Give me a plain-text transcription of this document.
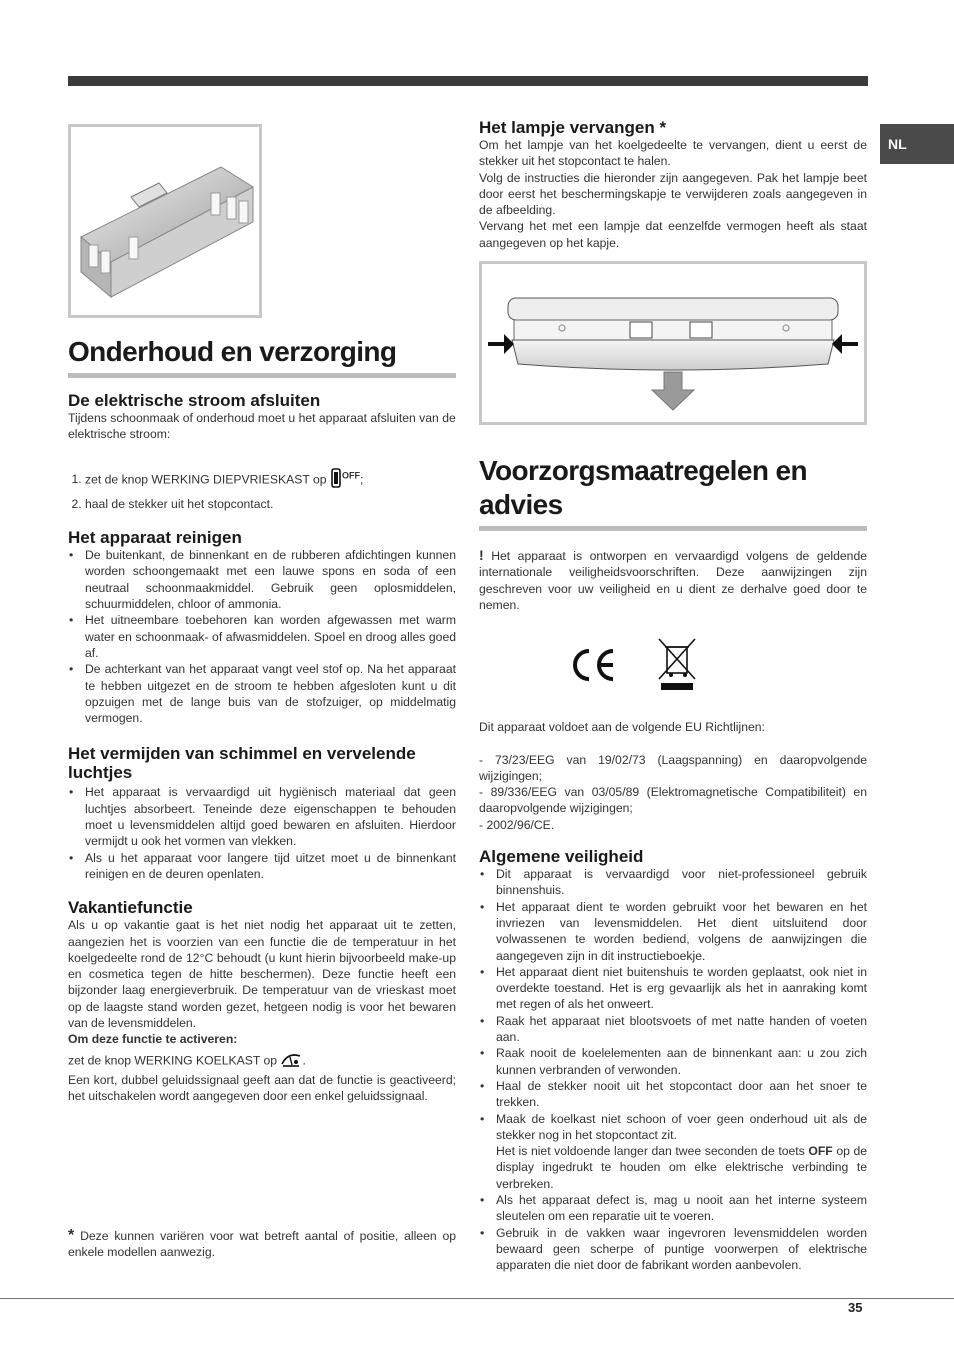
NL
Onderhoud en verzorging
De elektrische stroom afsluiten

Tijdens schoonmaak of onderhoud moet u het apparaat afsluiten van de elektrische stroom:

1. zet de knop WERKING DIEPVRIESKAST op $^{OFF}$;
2. haal de stekker uit het stopcontact.
Het apparaat reinigen
• De buitenkant, de binnenkant en de rubberen afdichtingen kunnen worden schoongemaakt met een lauwe spons en soda of een neutraal schoonmaakmiddel. Gebruik geen oplosmiddelen, schuurmiddelen, chloor of ammonia.
• Het uitneembare toebehoren kan worden afgewassen met warm water en schoonmaak- of afwasmiddelen. Spoel en droog alles goed af.
• De achterkant van het apparaat vangt veel stof op. Na het apparaat te hebben uitgezet en de stroom te hebben afgesloten kunt u dit opzuigen met de lange buis van de stofzuiger, op middelmatig vermogen.
Het vermijden van schimmel en vervelende luchtjes
• Het apparaat is vervaardigd uit hygiënisch materiaal dat geen luchtjes absorbeert. Teneinde deze eigenschappen te behouden moet u levensmiddelen altijd goed bewaren en afsluiten. Hierdoor vermijdt u ook het vormen van vlekken.
• Als u het apparaat voor langere tijd uitzet moet u de binnenkant reinigen en de deuren openlaten.
Vakantiefunctie

Als u op vakantie gaat is het niet nodig het apparaat uit te zetten, aangezien het is voorzien van een functie die de temperatuur in het koelgedeelte rond de 12°C behoudt (u kunt hierin bijvoorbeeld make-up en cosmetica tegen de hitte beschermen). Deze functie heeft een bijzonder laag energieverbruik. De temperatuur van de vrieskast moet op de laagste stand worden gezet, hetgeen nodig is voor het bewaren van de levensmiddelen.

Om deze functie te activeren:

zet de knop WERKING KOELKAST op .

Een kort, dubbel geluidssignaal geeft aan dat de functie is geactiveerd; het uitschakelen wordt aangegeven door een enkel geluidssignaal.

* Deze kunnen variëren voor wat betreft aantal of positie, alleen op enkele modellen aanwezig.

Het lampje vervangen *

Om het lampje van het koelgedeelte te vervangen, dient u eerst de stekker uit het stopcontact te halen.

Volg de instructies die hieronder zijn aangegeven. Pak het lampje beet door eerst het beschermingskapje te verwijderen zoals aangegeven in de afbeelding.

Vervang het met een lampje dat eenzelfde vermogen heeft als staat aangegeven op het kapje.

Voorzorgsmaatregelen en
advies

! Het apparaat is ontworpen en vervaardigd volgens de geldende internationale veiligheidsvoorschriften. Deze aanwijzingen zijn geschreven voor uw veiligheid en u dient ze derhalve goed door te nemen.

Dit apparaat voldoet aan de volgende EU Richtlijnen:

- 73/23/EEG van 19/02/73 (Laagspanning) en daaropvolgende wijzigingen;

- 89/336/EEG van 03/05/89 (Elektromagnetische Compatibiliteit) en daaropvolgende wijzigingen;

- 2002/96/CE.

Algemene veiligheid
• Dit apparaat is vervaardigd voor niet-professioneel gebruik binnenshuis.
• Het apparaat dient te worden gebruikt voor het bewaren en het invriezen van levensmiddelen. Het dient uitsluitend door volwassenen te worden bediend, volgens de aanwijzingen die aangegeven zijn in dit instructieboekje.
• Het apparaat dient niet buitenshuis te worden geplaatst, ook niet in overdekte toestand. Het is erg gevaarlijk als het in aanraking komt met regen of als het onweert.
• Raak het apparaat niet blootsvoets of met natte handen of voeten aan.
• Raak nooit de koelelementen aan de binnenkant aan: u zou zich kunnen verbranden of verwonden.
• Haal de stekker nooit uit het stopcontact door aan het snoer te trekken.
• Maak de koelkast niet schoon of voer geen onderhoud uit als de stekker nog in het stopcontact zit.
Het is niet voldoende langer dan twee seconden de toets OFF op de display ingedrukt te houden om elke elektrische verbinding te verbreken.
• Als het apparaat defect is, mag u nooit aan het interne systeem sleutelen om een reparatie uit te voeren.
• Gebruik in de vakken waar ingevroren levensmiddelen worden bewaard geen scherpe of puntige voorwerpen of elektrische apparaten die niet door de fabrikant worden aanbevolen.
35
